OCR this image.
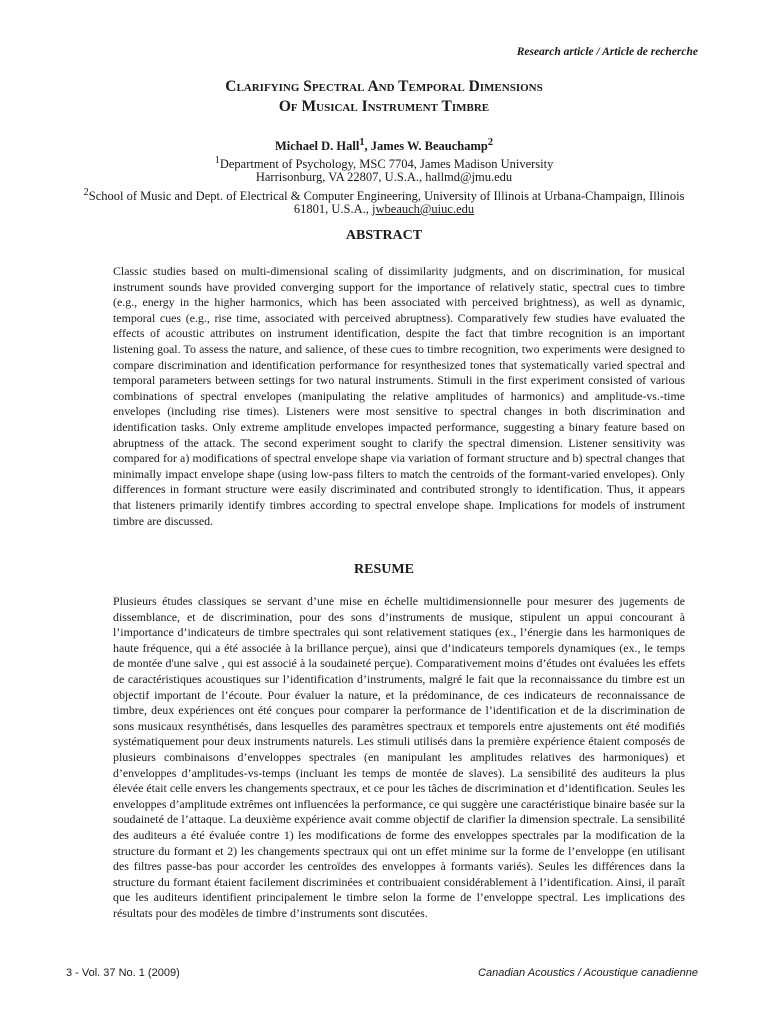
Research article / Article de recherche
Clarifying Spectral And Temporal Dimensions
Of Musical Instrument Timbre
Michael D. Hall$^1$, James W. Beauchamp$^2$
$^1$Department of Psychology, MSC 7704, James Madison University
Harrisonburg, VA 22807, U.S.A., hallmd@jmu.edu
$^2$School of Music and Dept. of Electrical & Computer Engineering, University of Illinois at Urbana-Champaign, Illinois
61801, U.S.A., jwbeauch@uiuc.edu
ABSTRACT

Classic studies based on multi-dimensional scaling of dissimilarity judgments, and on discrimination, for musical instrument sounds have provided converging support for the importance of relatively static, spectral cues to timbre (e.g., energy in the higher harmonics, which has been associated with perceived brightness), as well as dynamic, temporal cues (e.g., rise time, associated with perceived abruptness). Comparatively few studies have evaluated the effects of acoustic attributes on instrument identification, despite the fact that timbre recognition is an important listening goal. To assess the nature, and salience, of these cues to timbre recognition, two experiments were designed to compare discrimination and identification performance for resynthesized tones that systematically varied spectral and temporal parameters between settings for two natural instruments. Stimuli in the first experiment consisted of various combinations of spectral envelopes (manipulating the relative amplitudes of harmonics) and amplitude-vs.-time envelopes (including rise times). Listeners were most sensitive to spectral changes in both discrimination and identification tasks. Only extreme amplitude envelopes impacted performance, suggesting a binary feature based on abruptness of the attack. The second experiment sought to clarify the spectral dimension. Listener sensitivity was compared for a) modifications of spectral envelope shape via variation of formant structure and b) spectral changes that minimally impact envelope shape (using low-pass filters to match the centroids of the formant-varied envelopes). Only differences in formant structure were easily discriminated and contributed strongly to identification. Thus, it appears that listeners primarily identify timbres according to spectral envelope shape. Implications for models of instrument timbre are discussed.

RESUME

Plusieurs études classiques se servant d’une mise en échelle multidimensionnelle pour mesurer des jugements de dissemblance, et de discrimination, pour des sons d’instruments de musique, stipulent un appui concourant à l’importance d’indicateurs de timbre spectrales qui sont relativement statiques (ex., l’énergie dans les harmoniques de haute fréquence, qui a été associée à la brillance perçue), ainsi que d’indicateurs temporels dynamiques (ex., le temps de montée d'une salve , qui est associé à la soudaineté perçue). Comparativement moins d’études ont évaluées les effets de caractéristiques acoustiques sur l’identification d’instruments, malgré le fait que la reconnaissance du timbre est un objectif important de l’écoute. Pour évaluer la nature, et la prédominance, de ces indicateurs de reconnaissance de timbre, deux expériences ont été conçues pour comparer la performance de l’identification et de la discrimination de sons musicaux resynthétisés, dans lesquelles des paramètres spectraux et temporels entre ajustements ont été modifiés systématiquement pour deux instruments naturels. Les stimuli utilisés dans la première expérience étaient composés de plusieurs combinaisons d’enveloppes spectrales (en manipulant les amplitudes relatives des harmoniques) et d’enveloppes d’amplitudes-vs-temps (incluant les temps de montée de slaves). La sensibilité des auditeurs la plus élevée était celle envers les changements spectraux, et ce pour les tâches de discrimination et d’identification. Seules les enveloppes d’amplitude extrêmes ont influencées la performance, ce qui suggère une caractéristique binaire basée sur la soudaineté de l’attaque. La deuxième expérience avait comme objectif de clarifier la dimension spectrale. La sensibilité des auditeurs a été évaluée contre 1) les modifications de forme des enveloppes spectrales par la modification de la structure du formant et 2) les changements spectraux qui ont un effet minime sur la forme de l’enveloppe (en utilisant des filtres passe-bas pour accorder les centroïdes des enveloppes à formants variés). Seules les différences dans la structure du formant étaient facilement discriminées et contribuaient considérablement à l’identification. Ainsi, il paraît que les auditeurs identifient principalement le timbre selon la forme de l’enveloppe spectral. Les implications des résultats pour des modèles de timbre d’instruments sont discutées.

3 - Vol. 37 No. 1 (2009)	Canadian Acoustics / Acoustique canadienne
